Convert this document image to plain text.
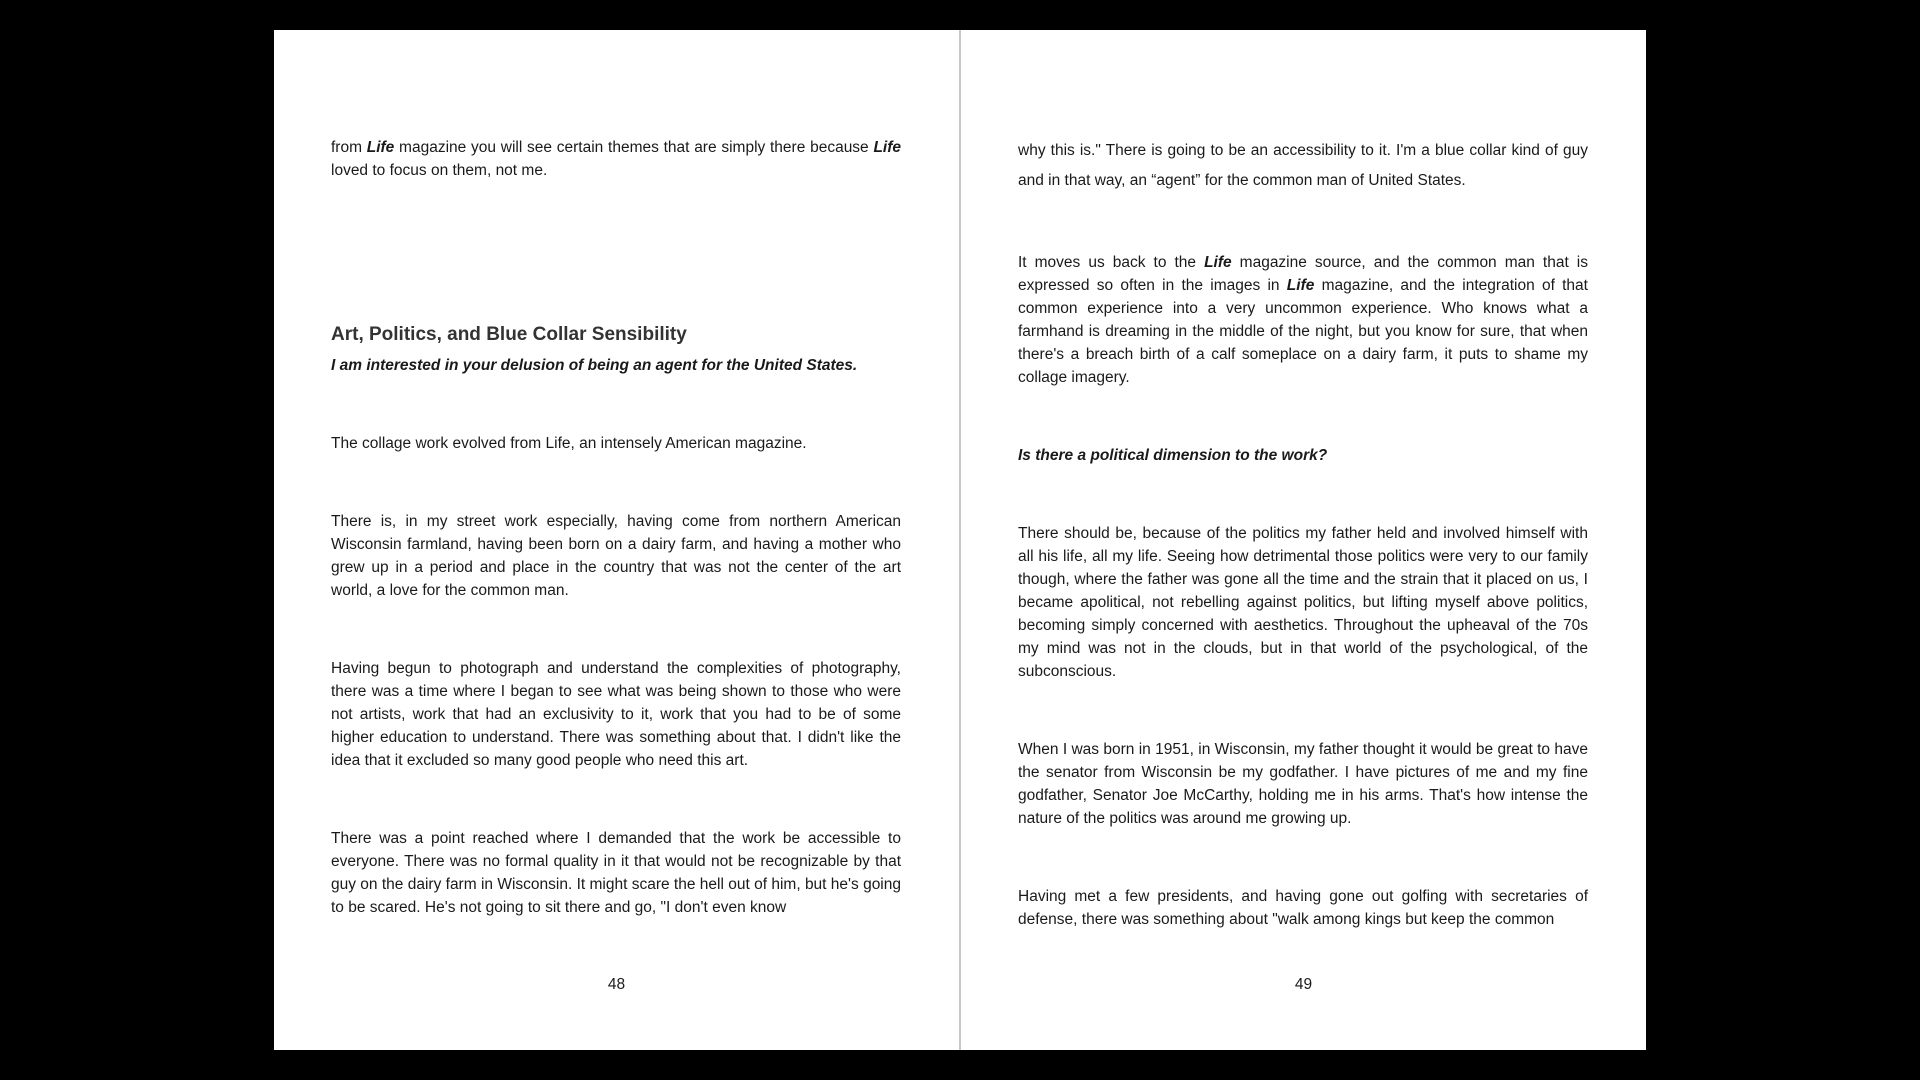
from Life magazine you will see certain themes that are simply there because Life loved to focus on them, not me.

Art, Politics, and Blue Collar Sensibility

I am interested in your delusion of being an agent for the United States.

The collage work evolved from Life, an intensely American magazine.

There is, in my street work especially, having come from northern American Wisconsin farmland, having been born on a dairy farm, and having a mother who grew up in a period and place in the country that was not the center of the art world, a love for the common man.

Having begun to photograph and understand the complexities of photography, there was a time where I began to see what was being shown to those who were not artists, work that had an exclusivity to it, work that you had to be of some higher education to understand. There was something about that. I didn't like the idea that it excluded so many good people who need this art.

There was a point reached where I demanded that the work be accessible to everyone. There was no formal quality in it that would not be recognizable by that guy on the dairy farm in Wisconsin. It might scare the hell out of him, but he's going to be scared. He's not going to sit there and go, "I don't even know

48

why this is." There is going to be an accessibility to it. I'm a blue collar kind of guy and in that way, an “agent” for the common man of United States.

It moves us back to the Life magazine source, and the common man that is expressed so often in the images in Life magazine, and the integration of that common experience into a very uncommon experience. Who knows what a farmhand is dreaming in the middle of the night, but you know for sure, that when there's a breach birth of a calf someplace on a dairy farm, it puts to shame my collage imagery.

Is there a political dimension to the work?

There should be, because of the politics my father held and involved himself with all his life, all my life. Seeing how detrimental those politics were very to our family though, where the father was gone all the time and the strain that it placed on us, I became apolitical, not rebelling against politics, but lifting myself above politics, becoming simply concerned with aesthetics. Throughout the upheaval of the 70s my mind was not in the clouds, but in that world of the psychological, of the subconscious.

When I was born in 1951, in Wisconsin, my father thought it would be great to have the senator from Wisconsin be my godfather. I have pictures of me and my fine godfather, Senator Joe McCarthy, holding me in his arms. That's how intense the nature of the politics was around me growing up.

Having met a few presidents, and having gone out golfing with secretaries of defense, there was something about "walk among kings but keep the common

49
